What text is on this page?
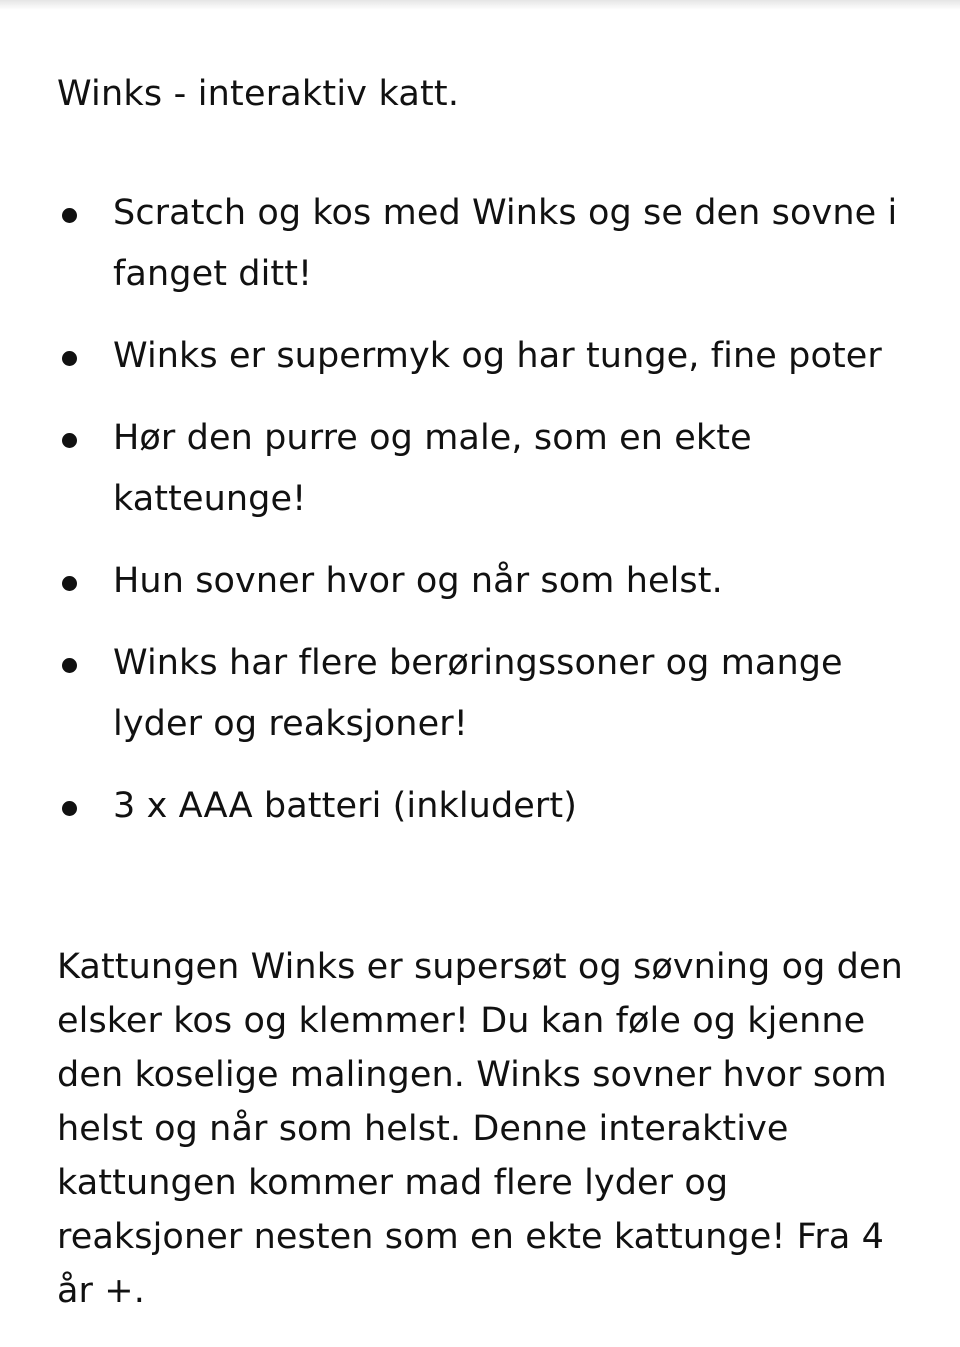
Winks - interaktiv katt.
Scratch og kos med Winks og se den sovne i fanget ditt!
Winks er supermyk og har tunge, fine poter
Hør den purre og male, som en ekte katteunge!
Hun sovner hvor og når som helst.
Winks har flere berøringssoner og mange lyder og reaksjoner!
3 x AAA batteri (inkludert)

Kattungen Winks er supersøt og søvning og den elsker kos og klemmer! Du kan føle og kjenne den koselige malingen. Winks sovner hvor som helst og når som helst. Denne interaktive kattungen kommer mad flere lyder og reaksjoner nesten som en ekte kattunge! Fra 4 år +.
